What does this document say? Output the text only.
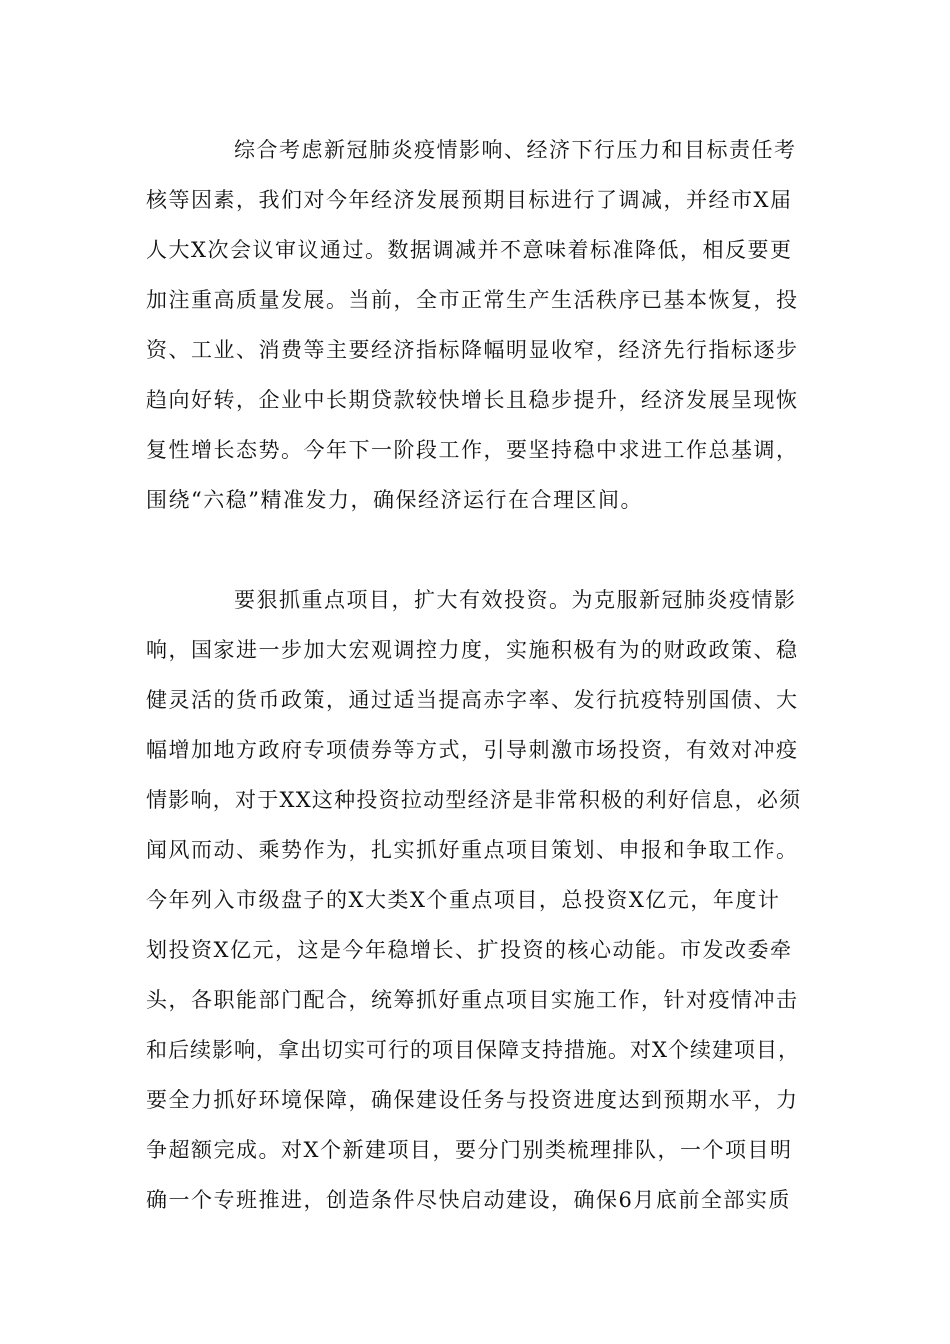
综合考虑新冠肺炎疫情影响、经济下行压力和目标责任考
核等因素，我们对今年经济发展预期目标进行了调减，并经市X届
人大X次会议审议通过。数据调减并不意味着标准降低，相反要更
加注重高质量发展。当前，全市正常生产生活秩序已基本恢复，投
资、工业、消费等主要经济指标降幅明显收窄，经济先行指标逐步
趋向好转，企业中长期贷款较快增长且稳步提升，经济发展呈现恢
复性增长态势。今年下一阶段工作，要坚持稳中求进工作总基调，
围绕“六稳”精准发力，确保经济运行在合理区间。
要狠抓重点项目，扩大有效投资。为克服新冠肺炎疫情影
响，国家进一步加大宏观调控力度，实施积极有为的财政政策、稳
健灵活的货币政策，通过适当提高赤字率、发行抗疫特别国债、大
幅增加地方政府专项债券等方式，引导刺激市场投资，有效对冲疫
情影响，对于XX这种投资拉动型经济是非常积极的利好信息，必须
闻风而动、乘势作为，扎实抓好重点项目策划、申报和争取工作。
今年列入市级盘子的X大类X个重点项目，总投资X亿元，年度计
划投资X亿元，这是今年稳增长、扩投资的核心动能。市发改委牵
头，各职能部门配合，统筹抓好重点项目实施工作，针对疫情冲击
和后续影响，拿出切实可行的项目保障支持措施。对X个续建项目，
要全力抓好环境保障，确保建设任务与投资进度达到预期水平，力
争超额完成。对X个新建项目，要分门别类梳理排队，一个项目明
确一个专班推进，创造条件尽快启动建设，确保6月底前全部实质
